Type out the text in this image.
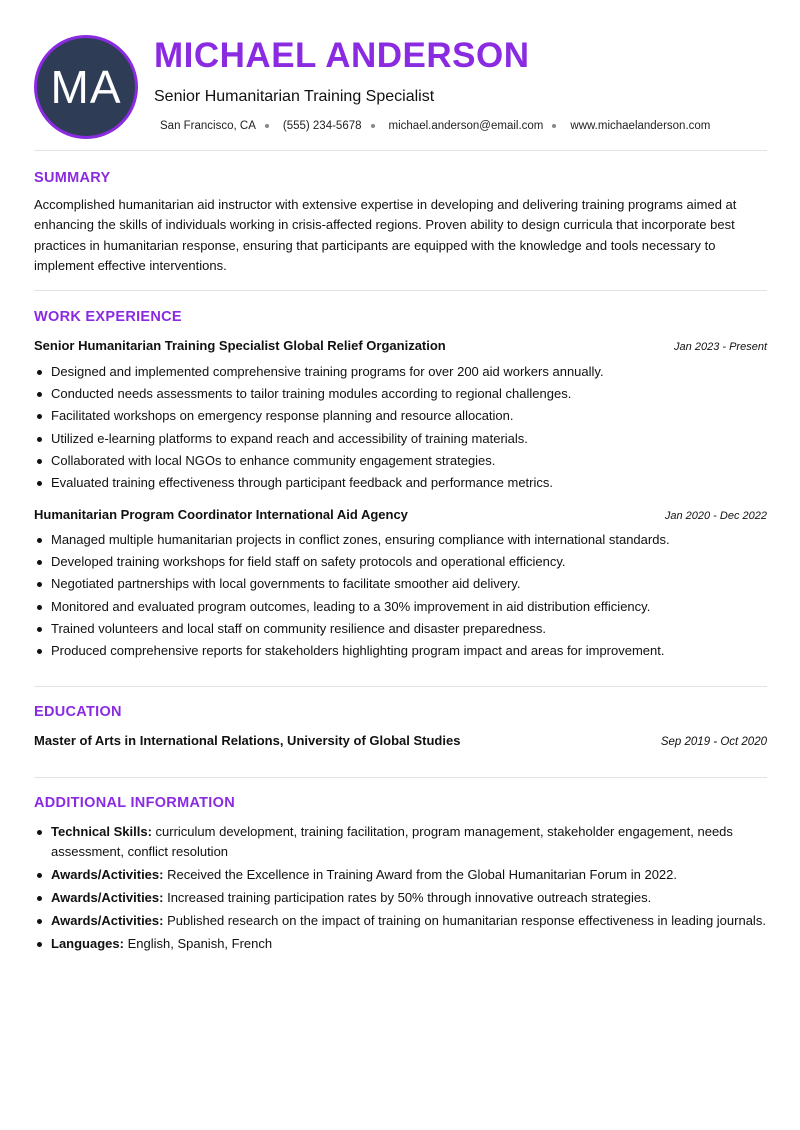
MA
MICHAEL ANDERSON
Senior Humanitarian Training Specialist
San Francisco, CA (555) 234-5678 michael.anderson@email.com www.michaelanderson.com
SUMMARY
Accomplished humanitarian aid instructor with extensive expertise in developing and delivering training programs aimed at enhancing the skills of individuals working in crisis-affected regions. Proven ability to design curricula that incorporate best practices in humanitarian response, ensuring that participants are equipped with the knowledge and tools necessary to implement effective interventions.
WORK EXPERIENCE
Senior Humanitarian Training Specialist Global Relief Organization	Jan 2023 - Present
Designed and implemented comprehensive training programs for over 200 aid workers annually.
Conducted needs assessments to tailor training modules according to regional challenges.
Facilitated workshops on emergency response planning and resource allocation.
Utilized e-learning platforms to expand reach and accessibility of training materials.
Collaborated with local NGOs to enhance community engagement strategies.
Evaluated training effectiveness through participant feedback and performance metrics.
Humanitarian Program Coordinator International Aid Agency	Jan 2020 - Dec 2022
Managed multiple humanitarian projects in conflict zones, ensuring compliance with international standards.
Developed training workshops for field staff on safety protocols and operational efficiency.
Negotiated partnerships with local governments to facilitate smoother aid delivery.
Monitored and evaluated program outcomes, leading to a 30% improvement in aid distribution efficiency.
Trained volunteers and local staff on community resilience and disaster preparedness.
Produced comprehensive reports for stakeholders highlighting program impact and areas for improvement.
EDUCATION
Master of Arts in International Relations, University of Global Studies	Sep 2019 - Oct 2020
ADDITIONAL INFORMATION
Technical Skills: curriculum development, training facilitation, program management, stakeholder engagement, needs assessment, conflict resolution
Awards/Activities: Received the Excellence in Training Award from the Global Humanitarian Forum in 2022.
Awards/Activities: Increased training participation rates by 50% through innovative outreach strategies.
Awards/Activities: Published research on the impact of training on humanitarian response effectiveness in leading journals.
Languages: English, Spanish, French
